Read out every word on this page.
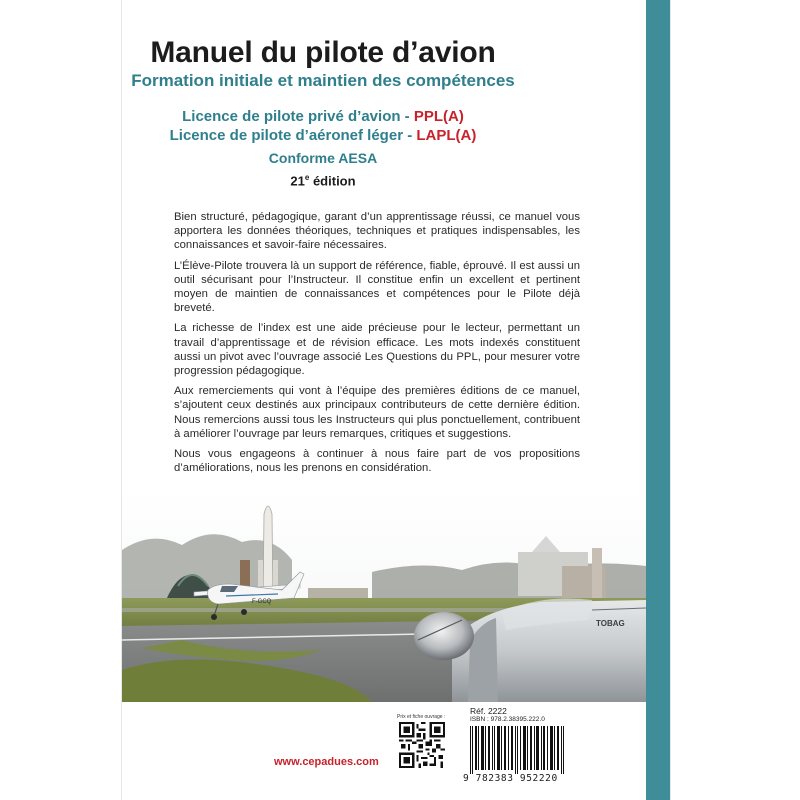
Manuel du pilote d’avion
Formation initiale et maintien des compétences
Licence de pilote privé d’avion - PPL(A)
Licence de pilote d’aéronef léger - LAPL(A)
Conforme AESA
21e édition

Bien structuré, pédagogique, garant d’un apprentissage réussi, ce manuel vous apportera les données théoriques, techniques et pratiques indispensables, les connaissances et savoir-faire nécessaires.

L’Élève-Pilote trouvera là un support de référence, fiable, éprouvé. Il est aussi un outil sécurisant pour l’Instructeur. Il constitue enfin un excellent et pertinent moyen de maintien de connaissances et compétences pour le Pilote déjà breveté.

La richesse de l’index est une aide précieuse pour le lecteur, permettant un travail d’apprentissage et de révision efficace. Les mots indexés constituent aussi un pivot avec l’ouvrage associé Les Questions du PPL, pour mesurer votre progression pédagogique.

Aux remerciements qui vont à l’équipe des premières éditions de ce manuel, s’ajoutent ceux destinés aux principaux contributeurs de cette dernière édition. Nous remercions aussi tous les Instructeurs qui plus ponctuellement, contribuent à améliorer l’ouvrage par leurs remarques, critiques et suggestions.

Nous vous engageons à continuer à nous faire part de vos propositions d’améliorations, nous les prenons en considération.

F-GCQ
TOBAG
www.cepadues.com
Prix et fiche ouvrage :
Réf. 2222
ISBN : 978.2.38395.222.0
9 782383 952220
